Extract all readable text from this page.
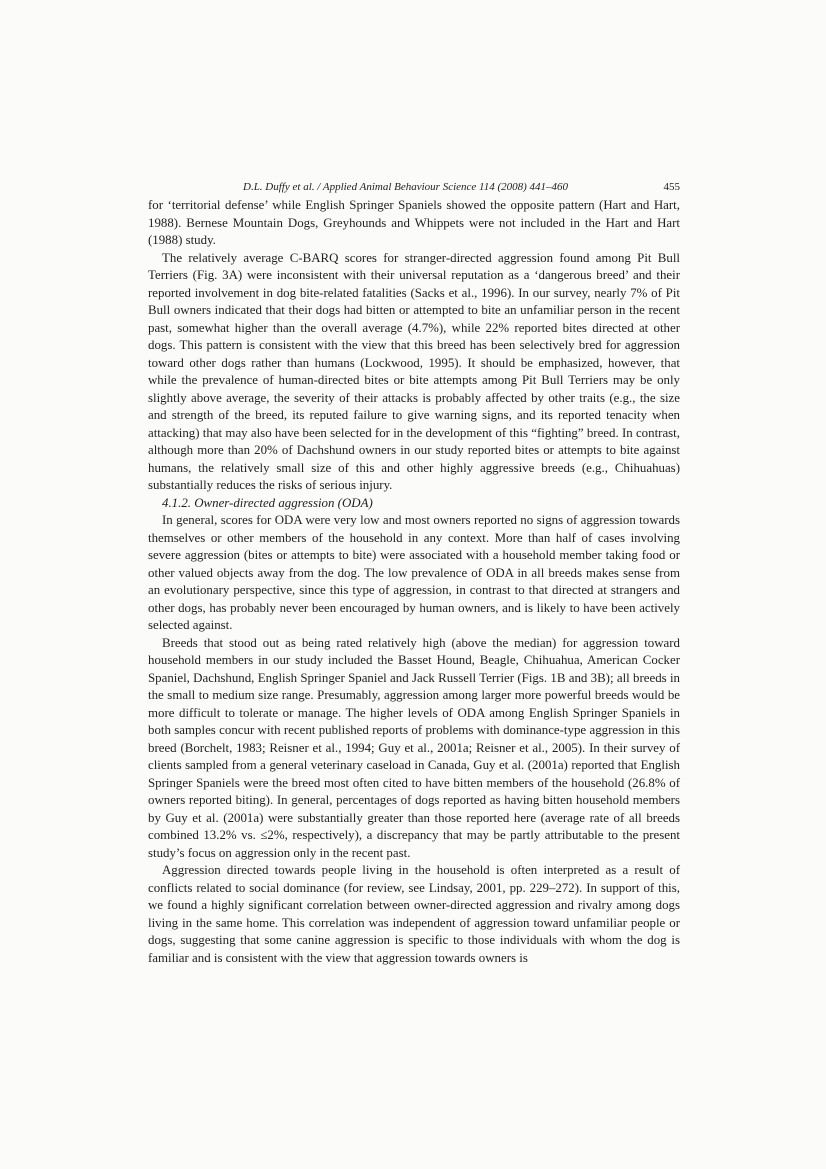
D.L. Duffy et al. / Applied Animal Behaviour Science 114 (2008) 441–460	455

for ‘territorial defense’ while English Springer Spaniels showed the opposite pattern (Hart and Hart, 1988). Bernese Mountain Dogs, Greyhounds and Whippets were not included in the Hart and Hart (1988) study.

The relatively average C-BARQ scores for stranger-directed aggression found among Pit Bull Terriers (Fig. 3A) were inconsistent with their universal reputation as a ‘dangerous breed’ and their reported involvement in dog bite-related fatalities (Sacks et al., 1996). In our survey, nearly 7% of Pit Bull owners indicated that their dogs had bitten or attempted to bite an unfamiliar person in the recent past, somewhat higher than the overall average (4.7%), while 22% reported bites directed at other dogs. This pattern is consistent with the view that this breed has been selectively bred for aggression toward other dogs rather than humans (Lockwood, 1995). It should be emphasized, however, that while the prevalence of human-directed bites or bite attempts among Pit Bull Terriers may be only slightly above average, the severity of their attacks is probably affected by other traits (e.g., the size and strength of the breed, its reputed failure to give warning signs, and its reported tenacity when attacking) that may also have been selected for in the development of this “fighting” breed. In contrast, although more than 20% of Dachshund owners in our study reported bites or attempts to bite against humans, the relatively small size of this and other highly aggressive breeds (e.g., Chihuahuas) substantially reduces the risks of serious injury.

4.1.2. Owner-directed aggression (ODA)

In general, scores for ODA were very low and most owners reported no signs of aggression towards themselves or other members of the household in any context. More than half of cases involving severe aggression (bites or attempts to bite) were associated with a household member taking food or other valued objects away from the dog. The low prevalence of ODA in all breeds makes sense from an evolutionary perspective, since this type of aggression, in contrast to that directed at strangers and other dogs, has probably never been encouraged by human owners, and is likely to have been actively selected against.

Breeds that stood out as being rated relatively high (above the median) for aggression toward household members in our study included the Basset Hound, Beagle, Chihuahua, American Cocker Spaniel, Dachshund, English Springer Spaniel and Jack Russell Terrier (Figs. 1B and 3B); all breeds in the small to medium size range. Presumably, aggression among larger more powerful breeds would be more difficult to tolerate or manage. The higher levels of ODA among English Springer Spaniels in both samples concur with recent published reports of problems with dominance-type aggression in this breed (Borchelt, 1983; Reisner et al., 1994; Guy et al., 2001a; Reisner et al., 2005). In their survey of clients sampled from a general veterinary caseload in Canada, Guy et al. (2001a) reported that English Springer Spaniels were the breed most often cited to have bitten members of the household (26.8% of owners reported biting). In general, percentages of dogs reported as having bitten household members by Guy et al. (2001a) were substantially greater than those reported here (average rate of all breeds combined 13.2% vs. ≤2%, respectively), a discrepancy that may be partly attributable to the present study’s focus on aggression only in the recent past.

Aggression directed towards people living in the household is often interpreted as a result of conflicts related to social dominance (for review, see Lindsay, 2001, pp. 229–272). In support of this, we found a highly significant correlation between owner-directed aggression and rivalry among dogs living in the same home. This correlation was independent of aggression toward unfamiliar people or dogs, suggesting that some canine aggression is specific to those individuals with whom the dog is familiar and is consistent with the view that aggression towards owners is
